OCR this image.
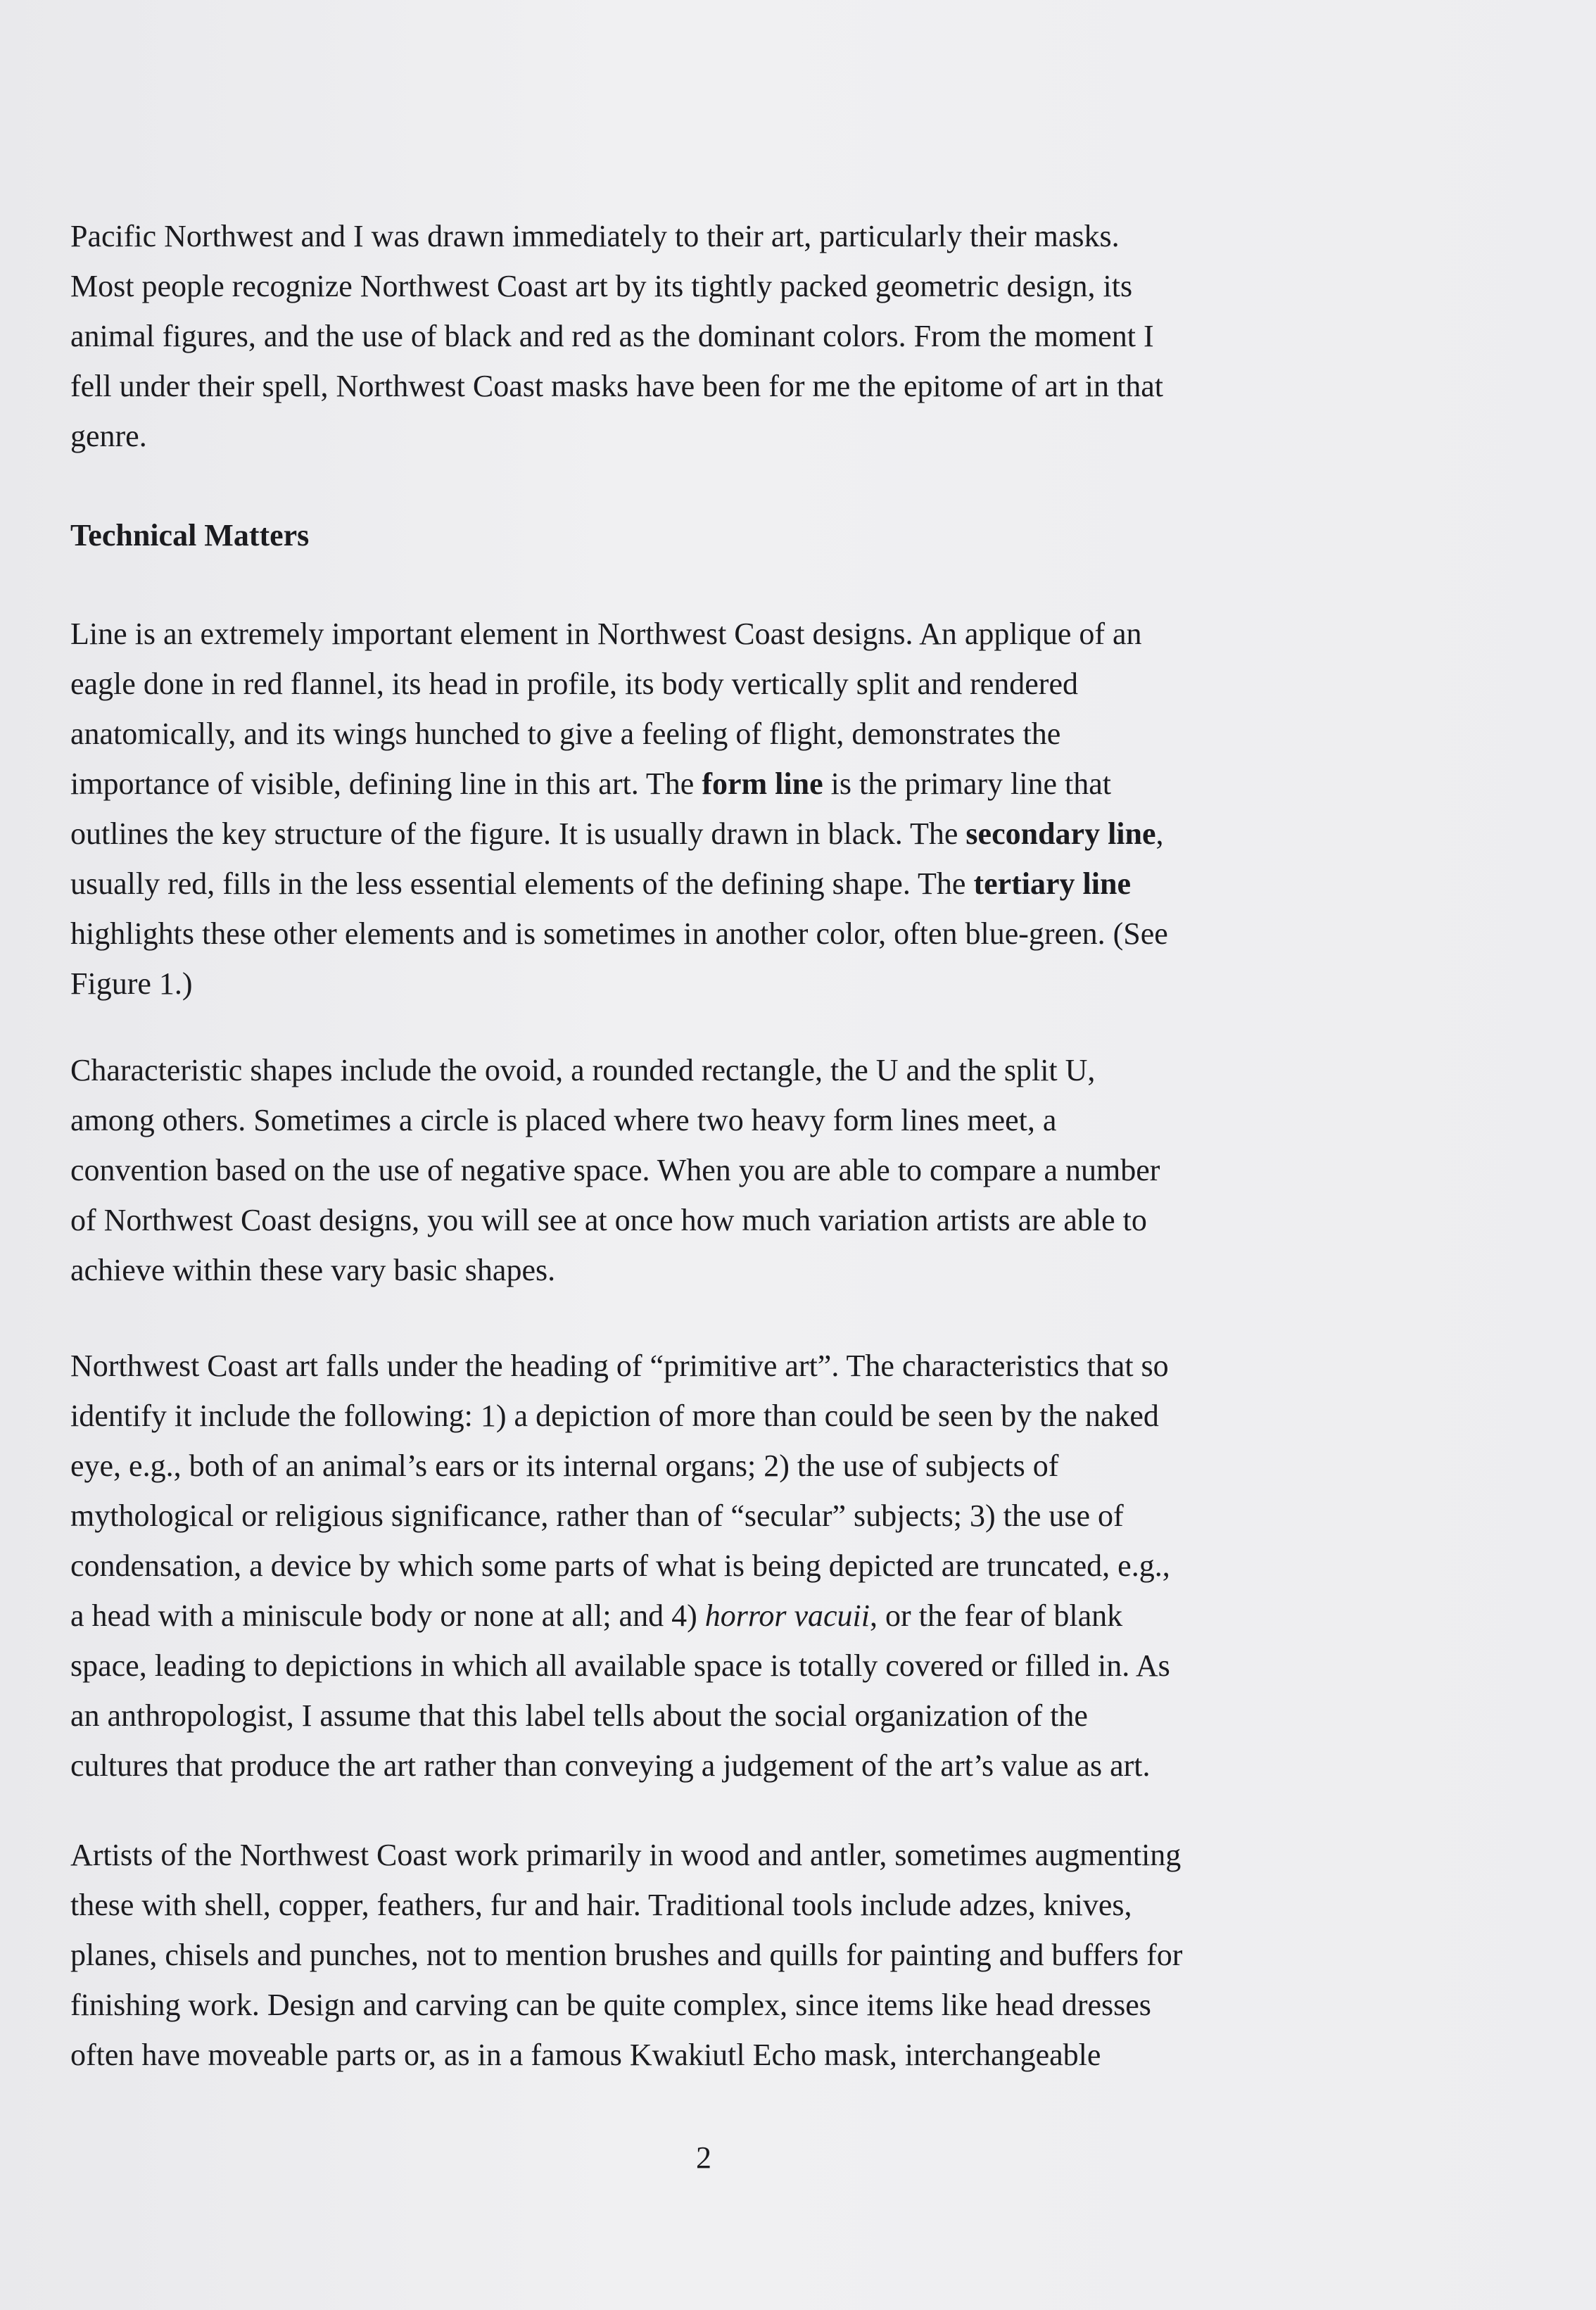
Pacific Northwest and I was drawn immediately to their art, particularly their masks.
Most people recognize Northwest Coast art by its tightly packed geometric design, its
animal figures, and the use of black and red as the dominant colors. From the moment I
fell under their spell, Northwest Coast masks have been for me the epitome of art in that
genre.

Technical Matters

Line is an extremely important element in Northwest Coast designs. An applique of an
eagle done in red flannel, its head in profile, its body vertically split and rendered
anatomically, and its wings hunched to give a feeling of flight, demonstrates the
importance of visible, defining line in this art. The form line is the primary line that
outlines the key structure of the figure. It is usually drawn in black. The secondary line,
usually red, fills in the less essential elements of the defining shape. The tertiary line
highlights these other elements and is sometimes in another color, often blue-green. (See
Figure 1.)

Characteristic shapes include the ovoid, a rounded rectangle, the U and the split U,
among others. Sometimes a circle is placed where two heavy form lines meet, a
convention based on the use of negative space. When you are able to compare a number
of Northwest Coast designs, you will see at once how much variation artists are able to
achieve within these vary basic shapes.

Northwest Coast art falls under the heading of “primitive art”. The characteristics that so
identify it include the following: 1) a depiction of more than could be seen by the naked
eye, e.g., both of an animal’s ears or its internal organs; 2) the use of subjects of
mythological or religious significance, rather than of “secular” subjects; 3) the use of
condensation, a device by which some parts of what is being depicted are truncated, e.g.,
a head with a miniscule body or none at all; and 4) horror vacuii, or the fear of blank
space, leading to depictions in which all available space is totally covered or filled in. As
an anthropologist, I assume that this label tells about the social organization of the
cultures that produce the art rather than conveying a judgement of the art’s value as art.

Artists of the Northwest Coast work primarily in wood and antler, sometimes augmenting
these with shell, copper, feathers, fur and hair. Traditional tools include adzes, knives,
planes, chisels and punches, not to mention brushes and quills for painting and buffers for
finishing work. Design and carving can be quite complex, since items like head dresses
often have moveable parts or, as in a famous Kwakiutl Echo mask, interchangeable

2
